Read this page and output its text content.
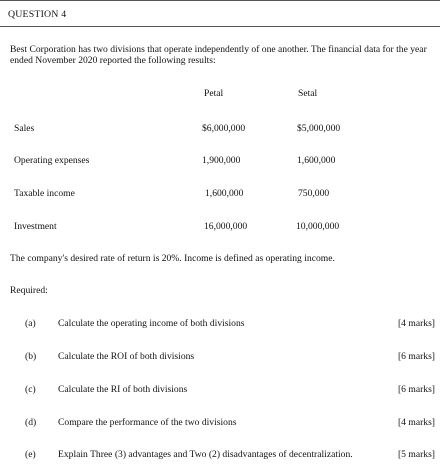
QUESTION 4
Best Corporation has two divisions that operate independently of one another. The financial data for the year ended November 2020 reported the following results:
Petal	Setal
Sales	$6,000,000	$5,000,000
Operating expenses	1,900,000	1,600,000
Taxable income	1,600,000	750,000
Investment	16,000,000	10,000,000
The company's desired rate of return is 20%. Income is defined as operating income.
Required:
(a) Calculate the operating income of both divisions	[4 marks]
(b) Calculate the ROI of both divisions	[6 marks]
(c) Calculate the RI of both divisions	[6 marks]
(d) Compare the performance of the two divisions	[4 marks]
(e) Explain Three (3) advantages and Two (2) disadvantages of decentralization.	[5 marks]
